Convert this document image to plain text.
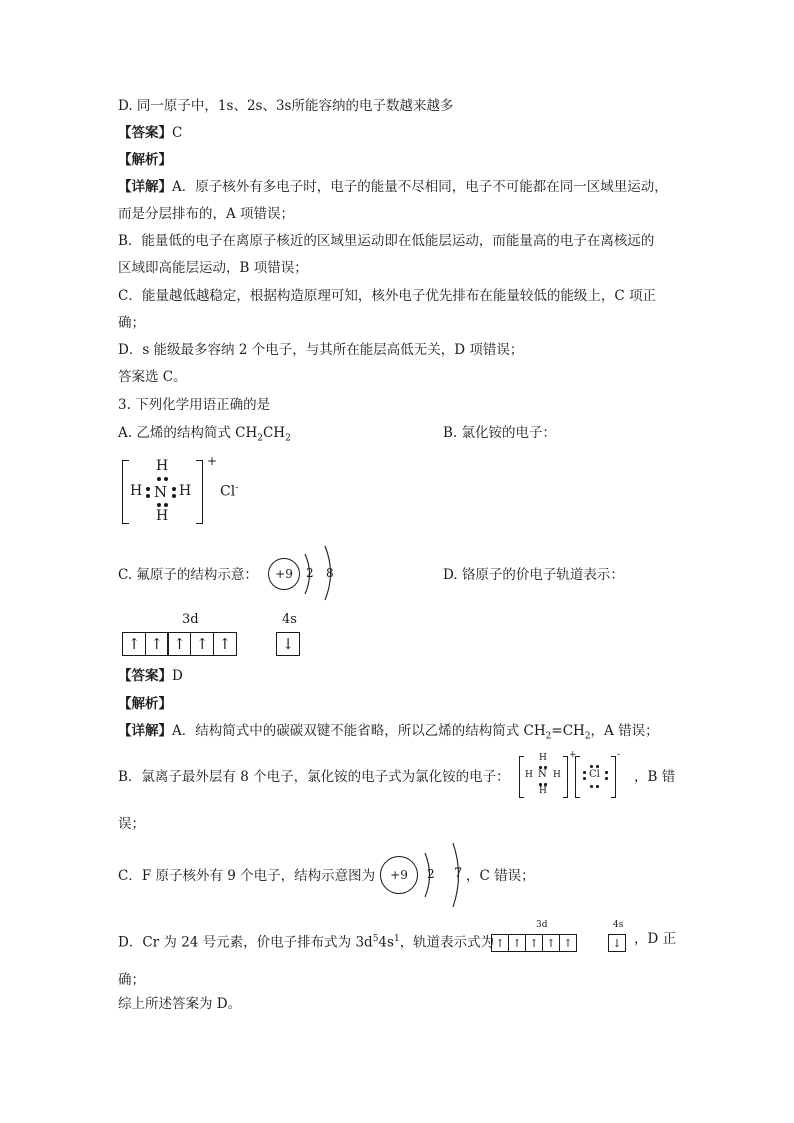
D. 同一原子中，1s、2s、3s所能容纳的电子数越来越多
【答案】C
【解析】
【详解】A．原子核外有多电子时，电子的能量不尽相同，电子不可能都在同一区域里运动，
而是分层排布的，A 项错误；
B．能量低的电子在离原子核近的区域里运动即在低能层运动，而能量高的电子在离核远的
区域即高能层运动，B 项错误；
C．能量越低越稳定，根据构造原理可知，核外电子优先排布在能量较低的能级上，C 项正
确；
D．s 能级最多容纳 2 个电子，与其所在能层高低无关，D 项错误；
答案选 C。
3. 下列化学用语正确的是
A. 乙烯的结构简式 $CH_2CH_2$	B. 氯化铵的电子：
H
H N H
H
+
Cl-
C. 氟原子的结构示意： +9 2 8	D. 铬原子的价电子轨道表示：
3d	4s
↑ ↑ ↑ ↑ ↑	↓
【答案】D
【解析】
【详解】A．结构简式中的碳碳双键不能省略，所以乙烯的结构简式 $CH_2=CH_2$，A 错误；
B．氯离子最外层有 8 个电子，氯化铵的电子式为氯化铵的电子：
H
H N H
H
+
Cl
-
，B 错
误；
C．F 原子核外有 9 个电子，结构示意图为 +9 2 7 ，C 错误；
D．Cr 为 24 号元素，价电子排布式为 $3d^54s^1$，轨道表示式为
3d	4s
↑ ↑ ↑ ↑ ↑	↓ ，D 正
确；
综上所述答案为 D。
